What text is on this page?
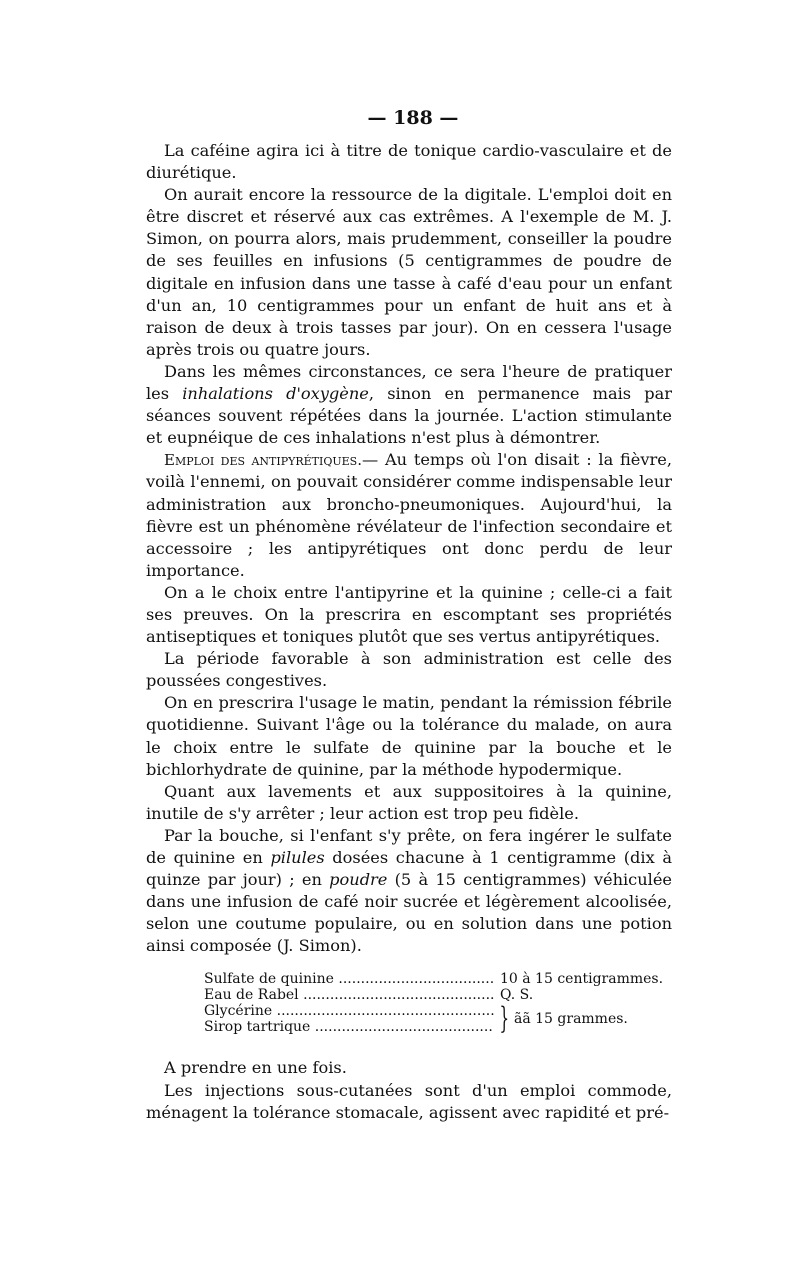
— 188 —

La caféine agira ici à titre de tonique cardio-vasculaire et de diurétique.

On aurait encore la ressource de la digitale. L'emploi doit en être discret et réservé aux cas extrêmes. A l'exemple de M. J. Simon, on pourra alors, mais prudemment, conseiller la poudre de ses feuilles en infusions (5 centigrammes de poudre de digitale en infusion dans une tasse à café d'eau pour un enfant d'un an, 10 centigrammes pour un enfant de huit ans et à raison de deux à trois tasses par jour). On en cessera l'usage après trois ou quatre jours.

Dans les mêmes circonstances, ce sera l'heure de pratiquer les inhalations d'oxygène, sinon en permanence mais par séances souvent répétées dans la journée. L'action stimulante et eupnéique de ces inhalations n'est plus à démontrer.

Emploi des antipyrétiques.— Au temps où l'on disait : la fièvre, voilà l'ennemi, on pouvait considérer comme indispensable leur administration aux broncho-pneumoniques. Aujourd'hui, la fièvre est un phénomène révélateur de l'infection secondaire et accessoire ; les antipyrétiques ont donc perdu de leur importance.

On a le choix entre l'antipyrine et la quinine ; celle-ci a fait ses preuves. On la prescrira en escomptant ses propriétés antiseptiques et toniques plutôt que ses vertus antipyrétiques.

La période favorable à son administration est celle des poussées congestives.

On en prescrira l'usage le matin, pendant la rémission fébrile quotidienne. Suivant l'âge ou la tolérance du malade, on aura le choix entre le sulfate de quinine par la bouche et le bichlorhydrate de quinine, par la méthode hypodermique.

Quant aux lavements et aux suppositoires à la quinine, inutile de s'y arrêter ; leur action est trop peu fidèle.

Par la bouche, si l'enfant s'y prête, on fera ingérer le sulfate de quinine en pilules dosées chacune à 1 centigramme (dix à quinze par jour) ; en poudre (5 à 15 centigrammes) véhiculée dans une infusion de café noir sucrée et légèrement alcoolisée, selon une coutume populaire, ou en solution dans une potion ainsi composée (J. Simon).

Sulfate de quinine .....	10 à 15 centigrammes.
Eau de Rabel .....	Q. S.
Glycérine .....
Sirop tartrique .....	} ãã 15 grammes.

A prendre en une fois.

Les injections sous-cutanées sont d'un emploi commode, ménagent la tolérance stomacale, agissent avec rapidité et pré-
